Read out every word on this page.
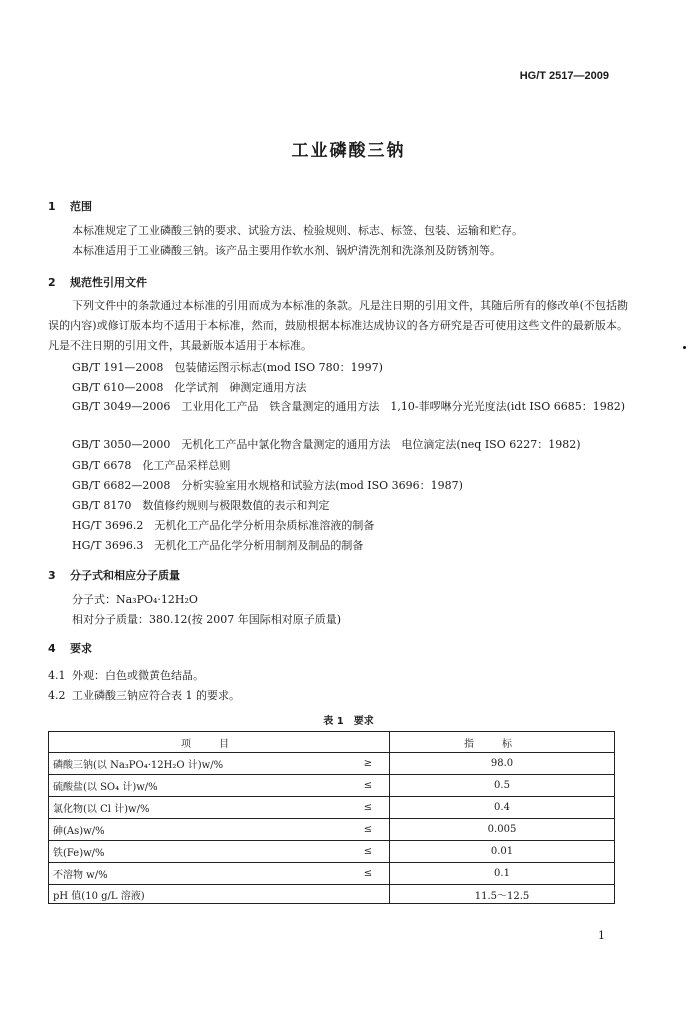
HG/T 2517—2009
工业磷酸三钠
1 范围
本标准规定了工业磷酸三钠的要求、试验方法、检验规则、标志、标签、包装、运输和贮存。
本标准适用于工业磷酸三钠。该产品主要用作软水剂、锅炉清洗剂和洗涤剂及防锈剂等。
2 规范性引用文件
下列文件中的条款通过本标准的引用而成为本标准的条款。凡是注日期的引用文件，其随后所有的修改单(不包括勘误的内容)或修订版本均不适用于本标准，然而，鼓励根据本标准达成协议的各方研究是否可使用这些文件的最新版本。凡是不注日期的引用文件，其最新版本适用于本标准。
GB/T 191—2008　包装储运图示标志(mod ISO 780：1997)
GB/T 610—2008　化学试剂　砷测定通用方法
GB/T 3049—2006　工业用化工产品　铁含量测定的通用方法　1,10-菲啰啉分光光度法(idt ISO 6685：1982)
GB/T 3050—2000　无机化工产品中氯化物含量测定的通用方法　电位滴定法(neq ISO 6227：1982)
GB/T 6678　化工产品采样总则
GB/T 6682—2008　分析实验室用水规格和试验方法(mod ISO 3696：1987)
GB/T 8170　数值修约规则与极限数值的表示和判定
HG/T 3696.2　无机化工产品化学分析用杂质标准溶液的制备
HG/T 3696.3　无机化工产品化学分析用制剂及制品的制备
3 分子式和相应分子质量
分子式：Na₃PO₄·12H₂O
相对分子质量：380.12(按 2007 年国际相对原子质量)
4 要求
4.1 外观：白色或微黄色结晶。
4.2 工业磷酸三钠应符合表 1 的要求。
表 1　要求
项目		指标
磷酸三钠(以 Na₃PO₄·12H₂O 计)w/%	≥	98.0
硫酸盐(以 SO₄ 计)w/%	≤	0.5
氯化物(以 Cl 计)w/%	≤	0.4
砷(As)w/%	≤	0.005
铁(Fe)w/%	≤	0.01
不溶物 w/%	≤	0.1
pH 值(10 g/L 溶液)		11.5～12.5
1
